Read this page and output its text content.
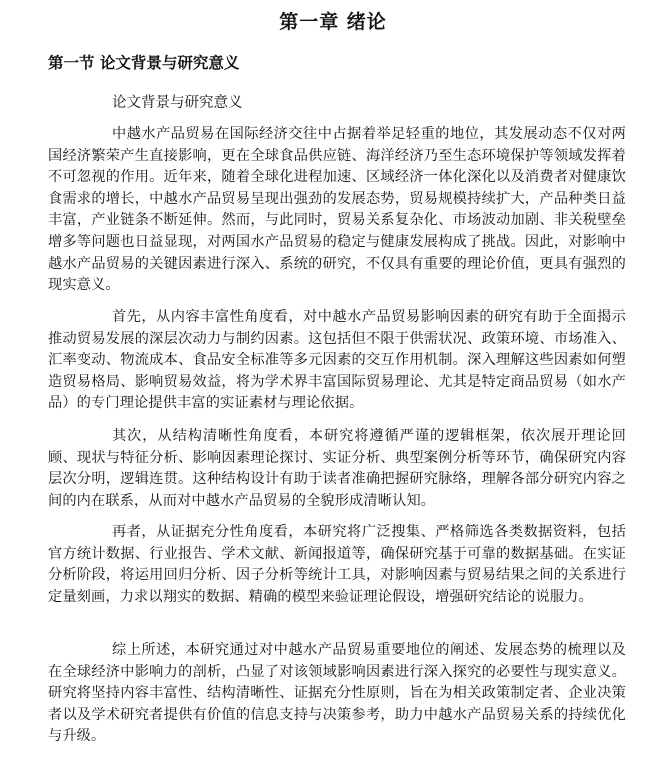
第一章 绪论
第一节 论文背景与研究意义

论文背景与研究意义

中越水产品贸易在国际经济交往中占据着举足轻重的地位，其发展动态不仅对两国经济繁荣产生直接影响，更在全球食品供应链、海洋经济乃至生态环境保护等领域发挥着不可忽视的作用。近年来，随着全球化进程加速、区域经济一体化深化以及消费者对健康饮食需求的增长，中越水产品贸易呈现出强劲的发展态势，贸易规模持续扩大，产品种类日益丰富，产业链条不断延伸。然而，与此同时，贸易关系复杂化、市场波动加剧、非关税壁垒增多等问题也日益显现，对两国水产品贸易的稳定与健康发展构成了挑战。因此，对影响中越水产品贸易的关键因素进行深入、系统的研究，不仅具有重要的理论价值，更具有强烈的现实意义。

首先，从内容丰富性角度看，对中越水产品贸易影响因素的研究有助于全面揭示推动贸易发展的深层次动力与制约因素。这包括但不限于供需状况、政策环境、市场准入、汇率变动、物流成本、食品安全标准等多元因素的交互作用机制。深入理解这些因素如何塑造贸易格局、影响贸易效益，将为学术界丰富国际贸易理论、尤其是特定商品贸易（如水产品）的专门理论提供丰富的实证素材与理论依据。

其次，从结构清晰性角度看，本研究将遵循严谨的逻辑框架，依次展开理论回顾、现状与特征分析、影响因素理论探讨、实证分析、典型案例分析等环节，确保研究内容层次分明，逻辑连贯。这种结构设计有助于读者准确把握研究脉络，理解各部分研究内容之间的内在联系，从而对中越水产品贸易的全貌形成清晰认知。

再者，从证据充分性角度看，本研究将广泛搜集、严格筛选各类数据资料，包括官方统计数据、行业报告、学术文献、新闻报道等，确保研究基于可靠的数据基础。在实证分析阶段，将运用回归分析、因子分析等统计工具，对影响因素与贸易结果之间的关系进行定量刻画，力求以翔实的数据、精确的模型来验证理论假设，增强研究结论的说服力。

综上所述，本研究通过对中越水产品贸易重要地位的阐述、发展态势的梳理以及在全球经济中影响力的剖析，凸显了对该领域影响因素进行深入探究的必要性与现实意义。研究将坚持内容丰富性、结构清晰性、证据充分性原则，旨在为相关政策制定者、企业决策者以及学术研究者提供有价值的信息支持与决策参考，助力中越水产品贸易关系的持续优化与升级。
